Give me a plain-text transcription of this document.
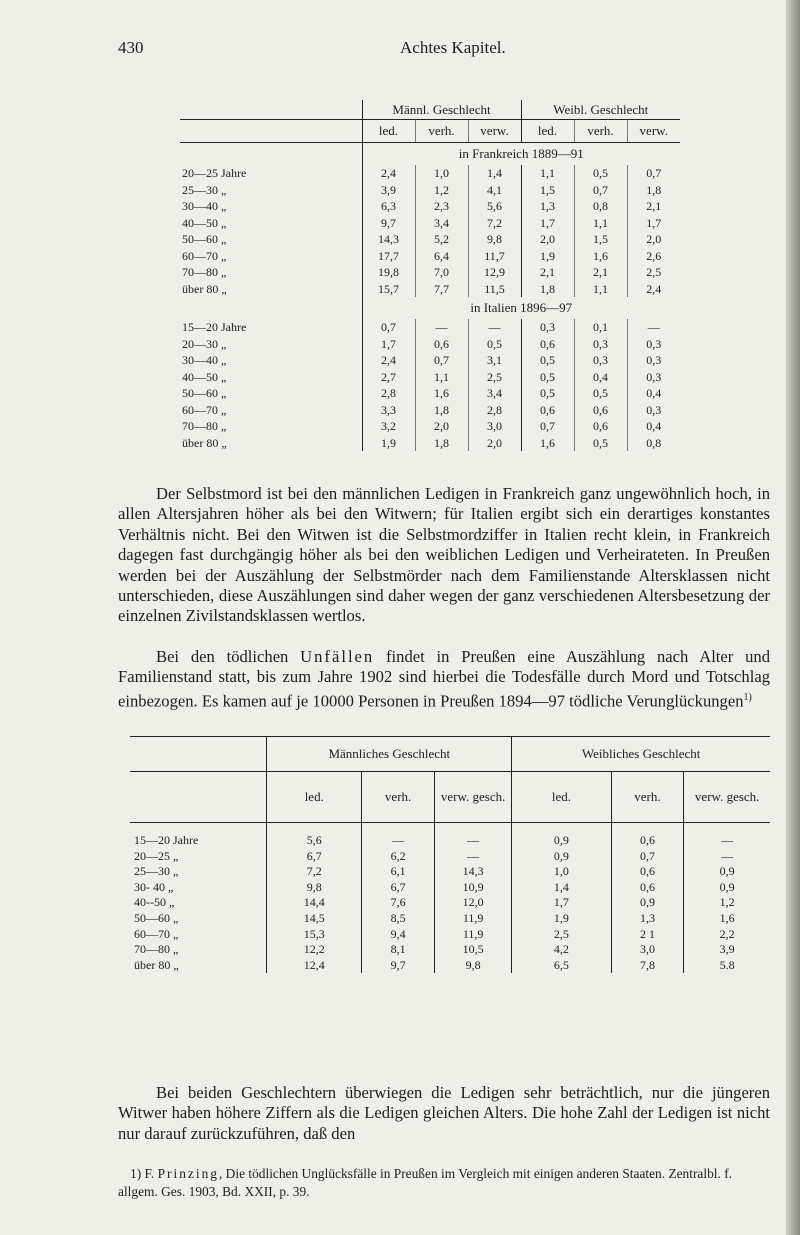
430	Achtes Kapitel.
	Männl. Geschlecht			Weibl. Geschlecht		
	led.	verh.	verw.	led.	verh.	verw.
	in Frankreich 1889—91					
20—25 Jahre	2,4	1,0	1,4	1,1	0,5	0,7
25—30 „	3,9	1,2	4,1	1,5	0,7	1,8
30—40 „	6,3	2,3	5,6	1,3	0,8	2,1
40—50 „	9,7	3,4	7,2	1,7	1,1	1,7
50—60 „	14,3	5,2	9,8	2,0	1,5	2,0
60—70 „	17,7	6,4	11,7	1,9	1,6	2,6
70—80 „	19,8	7,0	12,9	2,1	2,1	2,5
über 80 „	15,7	7,7	11,5	1,8	1,1	2,4
	in Italien 1896—97					
15—20 Jahre	0,7	—	—	0,3	0,1	—
20—30 „	1,7	0,6	0,5	0,6	0,3	0,3
30—40 „	2,4	0,7	3,1	0,5	0,3	0,3
40—50 „	2,7	1,1	2,5	0,5	0,4	0,3
50—60 „	2,8	1,6	3,4	0,5	0,5	0,4
60—70 „	3,3	1,8	2,8	0,6	0,6	0,3
70—80 „	3,2	2,0	3,0	0,7	0,6	0,4
über 80 „	1,9	1,8	2,0	1,6	0,5	0,8

Der Selbstmord ist bei den männlichen Ledigen in Frankreich ganz ungewöhnlich hoch, in allen Altersjahren höher als bei den Witwern; für Italien ergibt sich ein derartiges konstantes Verhältnis nicht. Bei den Witwen ist die Selbstmordziffer in Italien recht klein, in Frankreich dagegen fast durchgängig höher als bei den weiblichen Ledigen und Verheirateten. In Preußen werden bei der Auszählung der Selbstmörder nach dem Familienstande Altersklassen nicht unterschieden, diese Auszählungen sind daher wegen der ganz verschiedenen Altersbesetzung der einzelnen Zivilstandsklassen wertlos.

Bei den tödlichen Unfällen findet in Preußen eine Auszählung nach Alter und Familienstand statt, bis zum Jahre 1902 sind hierbei die Todesfälle durch Mord und Totschlag einbezogen. Es kamen auf je 10000 Personen in Preußen 1894—97 tödliche Verunglückungen$^{1)}$

	Männliches Geschlecht			Weibliches Geschlecht		
	led.	verh.	verw. gesch.	led.	verh.	verw. gesch.

15—20 Jahre	5,6	—	—	0,9	0,6	—
20—25 „	6,7	6,2	—	0,9	0,7	—
25—30 „	7,2	6,1	14,3	1,0	0,6	0,9
30- 40 „	9,8	6,7	10,9	1,4	0,6	0,9
40--50 „	14,4	7,6	12,0	1,7	0,9	1,2
50—60 „	14,5	8,5	11,9	1,9	1,3	1,6
60—70 „	15,3	9,4	11,9	2,5	2 1	2,2
70—80 „	12,2	8,1	10,5	4,2	3,0	3,9
über 80 „	12,4	9,7	9,8	6,5	7,8	5.8

Bei beiden Geschlechtern überwiegen die Ledigen sehr beträchtlich, nur die jüngeren Witwer haben höhere Ziffern als die Ledigen gleichen Alters. Die hohe Zahl der Ledigen ist nicht nur darauf zurückzuführen, daß den

1) F. Prinzing, Die tödlichen Unglücksfälle in Preußen im Vergleich mit einigen anderen Staaten. Zentralbl. f. allgem. Ges. 1903, Bd. XXII, p. 39.
